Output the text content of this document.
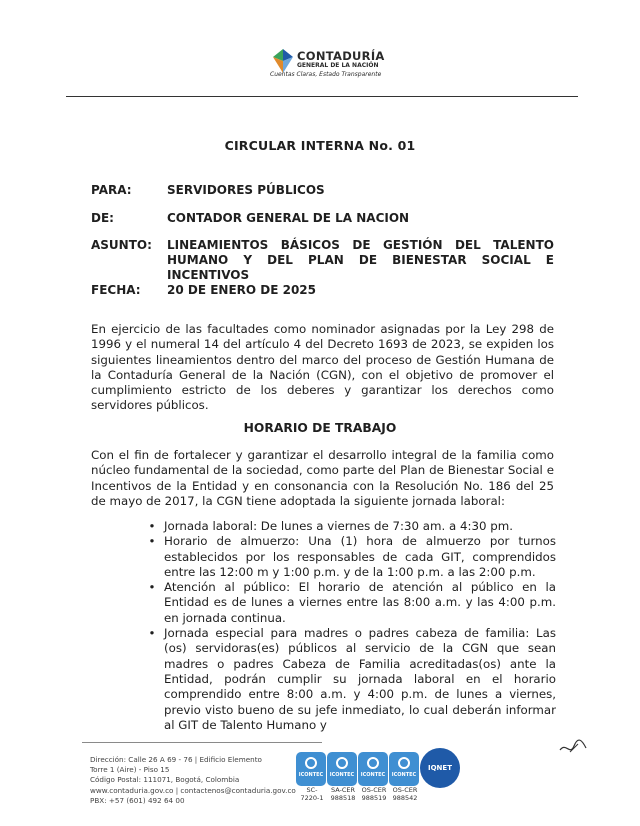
CONTADURÍA
GENERAL DE LA NACIÓN
Cuentas Claras, Estado Transparente
CIRCULAR INTERNA No. 01
PARA:	SERVIDORES PÚBLICOS
DE:	CONTADOR GENERAL DE LA NACION
ASUNTO: LINEAMIENTOS BÁSICOS DE GESTIÓN DEL TALENTO HUMANO Y DEL PLAN DE BIENESTAR SOCIAL E INCENTIVOS
FECHA: 20 DE ENERO DE 2025
En ejercicio de las facultades como nominador asignadas por la Ley 298 de 1996 y el numeral 14 del artículo 4 del Decreto 1693 de 2023, se expiden los siguientes lineamientos dentro del marco del proceso de Gestión Humana de la Contaduría General de la Nación (CGN), con el objetivo de promover el cumplimiento estricto de los deberes y garantizar los derechos como servidores públicos.
HORARIO DE TRABAJO
Con el fin de fortalecer y garantizar el desarrollo integral de la familia como núcleo fundamental de la sociedad, como parte del Plan de Bienestar Social e Incentivos de la Entidad y en consonancia con la Resolución No. 186 del 25 de mayo de 2017, la CGN tiene adoptada la siguiente jornada laboral:
• Jornada laboral: De lunes a viernes de 7:30 am. a 4:30 pm.
• Horario de almuerzo: Una (1) hora de almuerzo por turnos establecidos por los responsables de cada GIT, comprendidos entre las 12:00 m y 1:00 p.m. y de la 1:00 p.m. a las 2:00 p.m.
• Atención al público: El horario de atención al público en la Entidad es de lunes a viernes entre las 8:00 a.m. y las 4:00 p.m. en jornada continua.
• Jornada especial para madres o padres cabeza de familia: Las (os) servidoras(es) públicos al servicio de la CGN que sean madres o padres Cabeza de Familia acreditadas(os) ante la Entidad, podrán cumplir su jornada laboral en el horario comprendido entre 8:00 a.m. y 4:00 p.m. de lunes a viernes, previo visto bueno de su jefe inmediato, lo cual deberán informar al GIT de Talento Humano y
Dirección: Calle 26 A 69 - 76 | Edificio Elemento
Torre 1 (Aire) - Piso 15
Código Postal: 111071, Bogotá, Colombia
www.contaduria.gov.co | contactenos@contaduria.gov.co
PBX: +57 (601) 492 64 00
ICONTEC
SC-
7220-1
ICONTEC
SA-CER
988518
ICONTEC
OS-CER
988519
ICONTEC
OS-CER
988542
IQNET
